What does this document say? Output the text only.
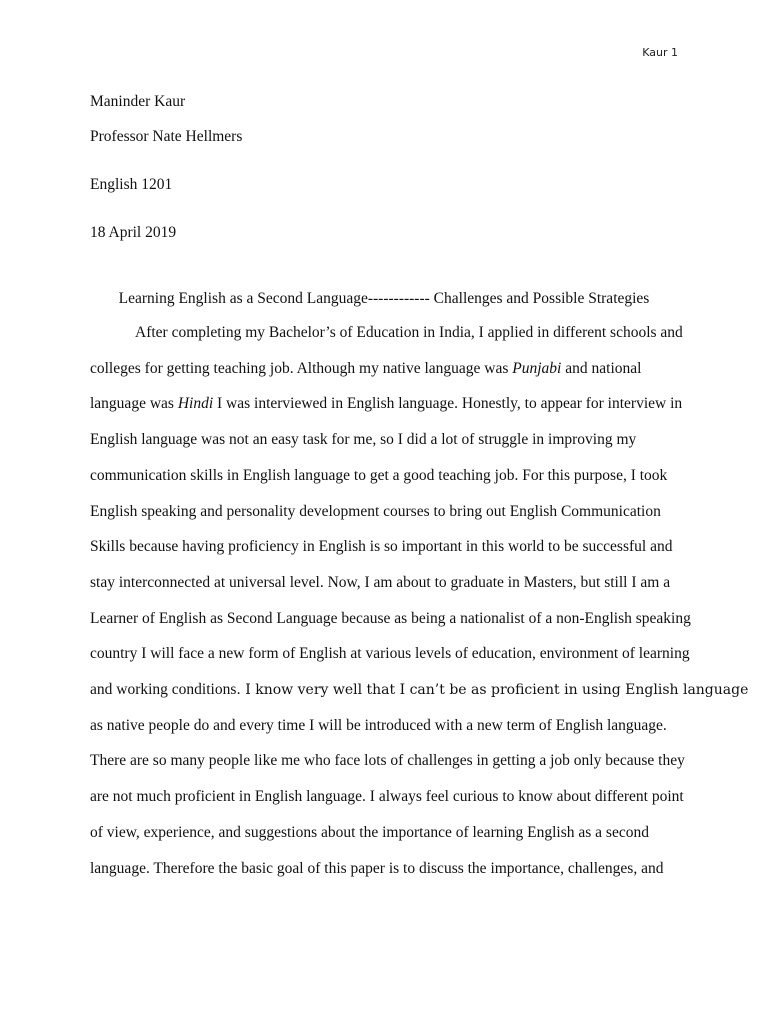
Kaur 1
Maninder Kaur
Professor Nate Hellmers
English 1201
18 April 2019
Learning English as a Second Language------------ Challenges and Possible Strategies
After completing my Bachelor’s of Education in India, I applied in different schools and
colleges for getting teaching job. Although my native language was Punjabi and national
language was Hindi I was interviewed in English language. Honestly, to appear for interview in
English language was not an easy task for me, so I did a lot of struggle in improving my
communication skills in English language to get a good teaching job. For this purpose, I took
English speaking and personality development courses to bring out English Communication
Skills because having proficiency in English is so important in this world to be successful and
stay interconnected at universal level. Now, I am about to graduate in Masters, but still I am a
Learner of English as Second Language because as being a nationalist of a non-English speaking
country I will face a new form of English at various levels of education, environment of learning
and working conditions. I know very well that I can’t be as proficient in using English language
as native people do and every time I will be introduced with a new term of English language.
There are so many people like me who face lots of challenges in getting a job only because they
are not much proficient in English language. I always feel curious to know about different point
of view, experience, and suggestions about the importance of learning English as a second
language. Therefore the basic goal of this paper is to discuss the importance, challenges, and
